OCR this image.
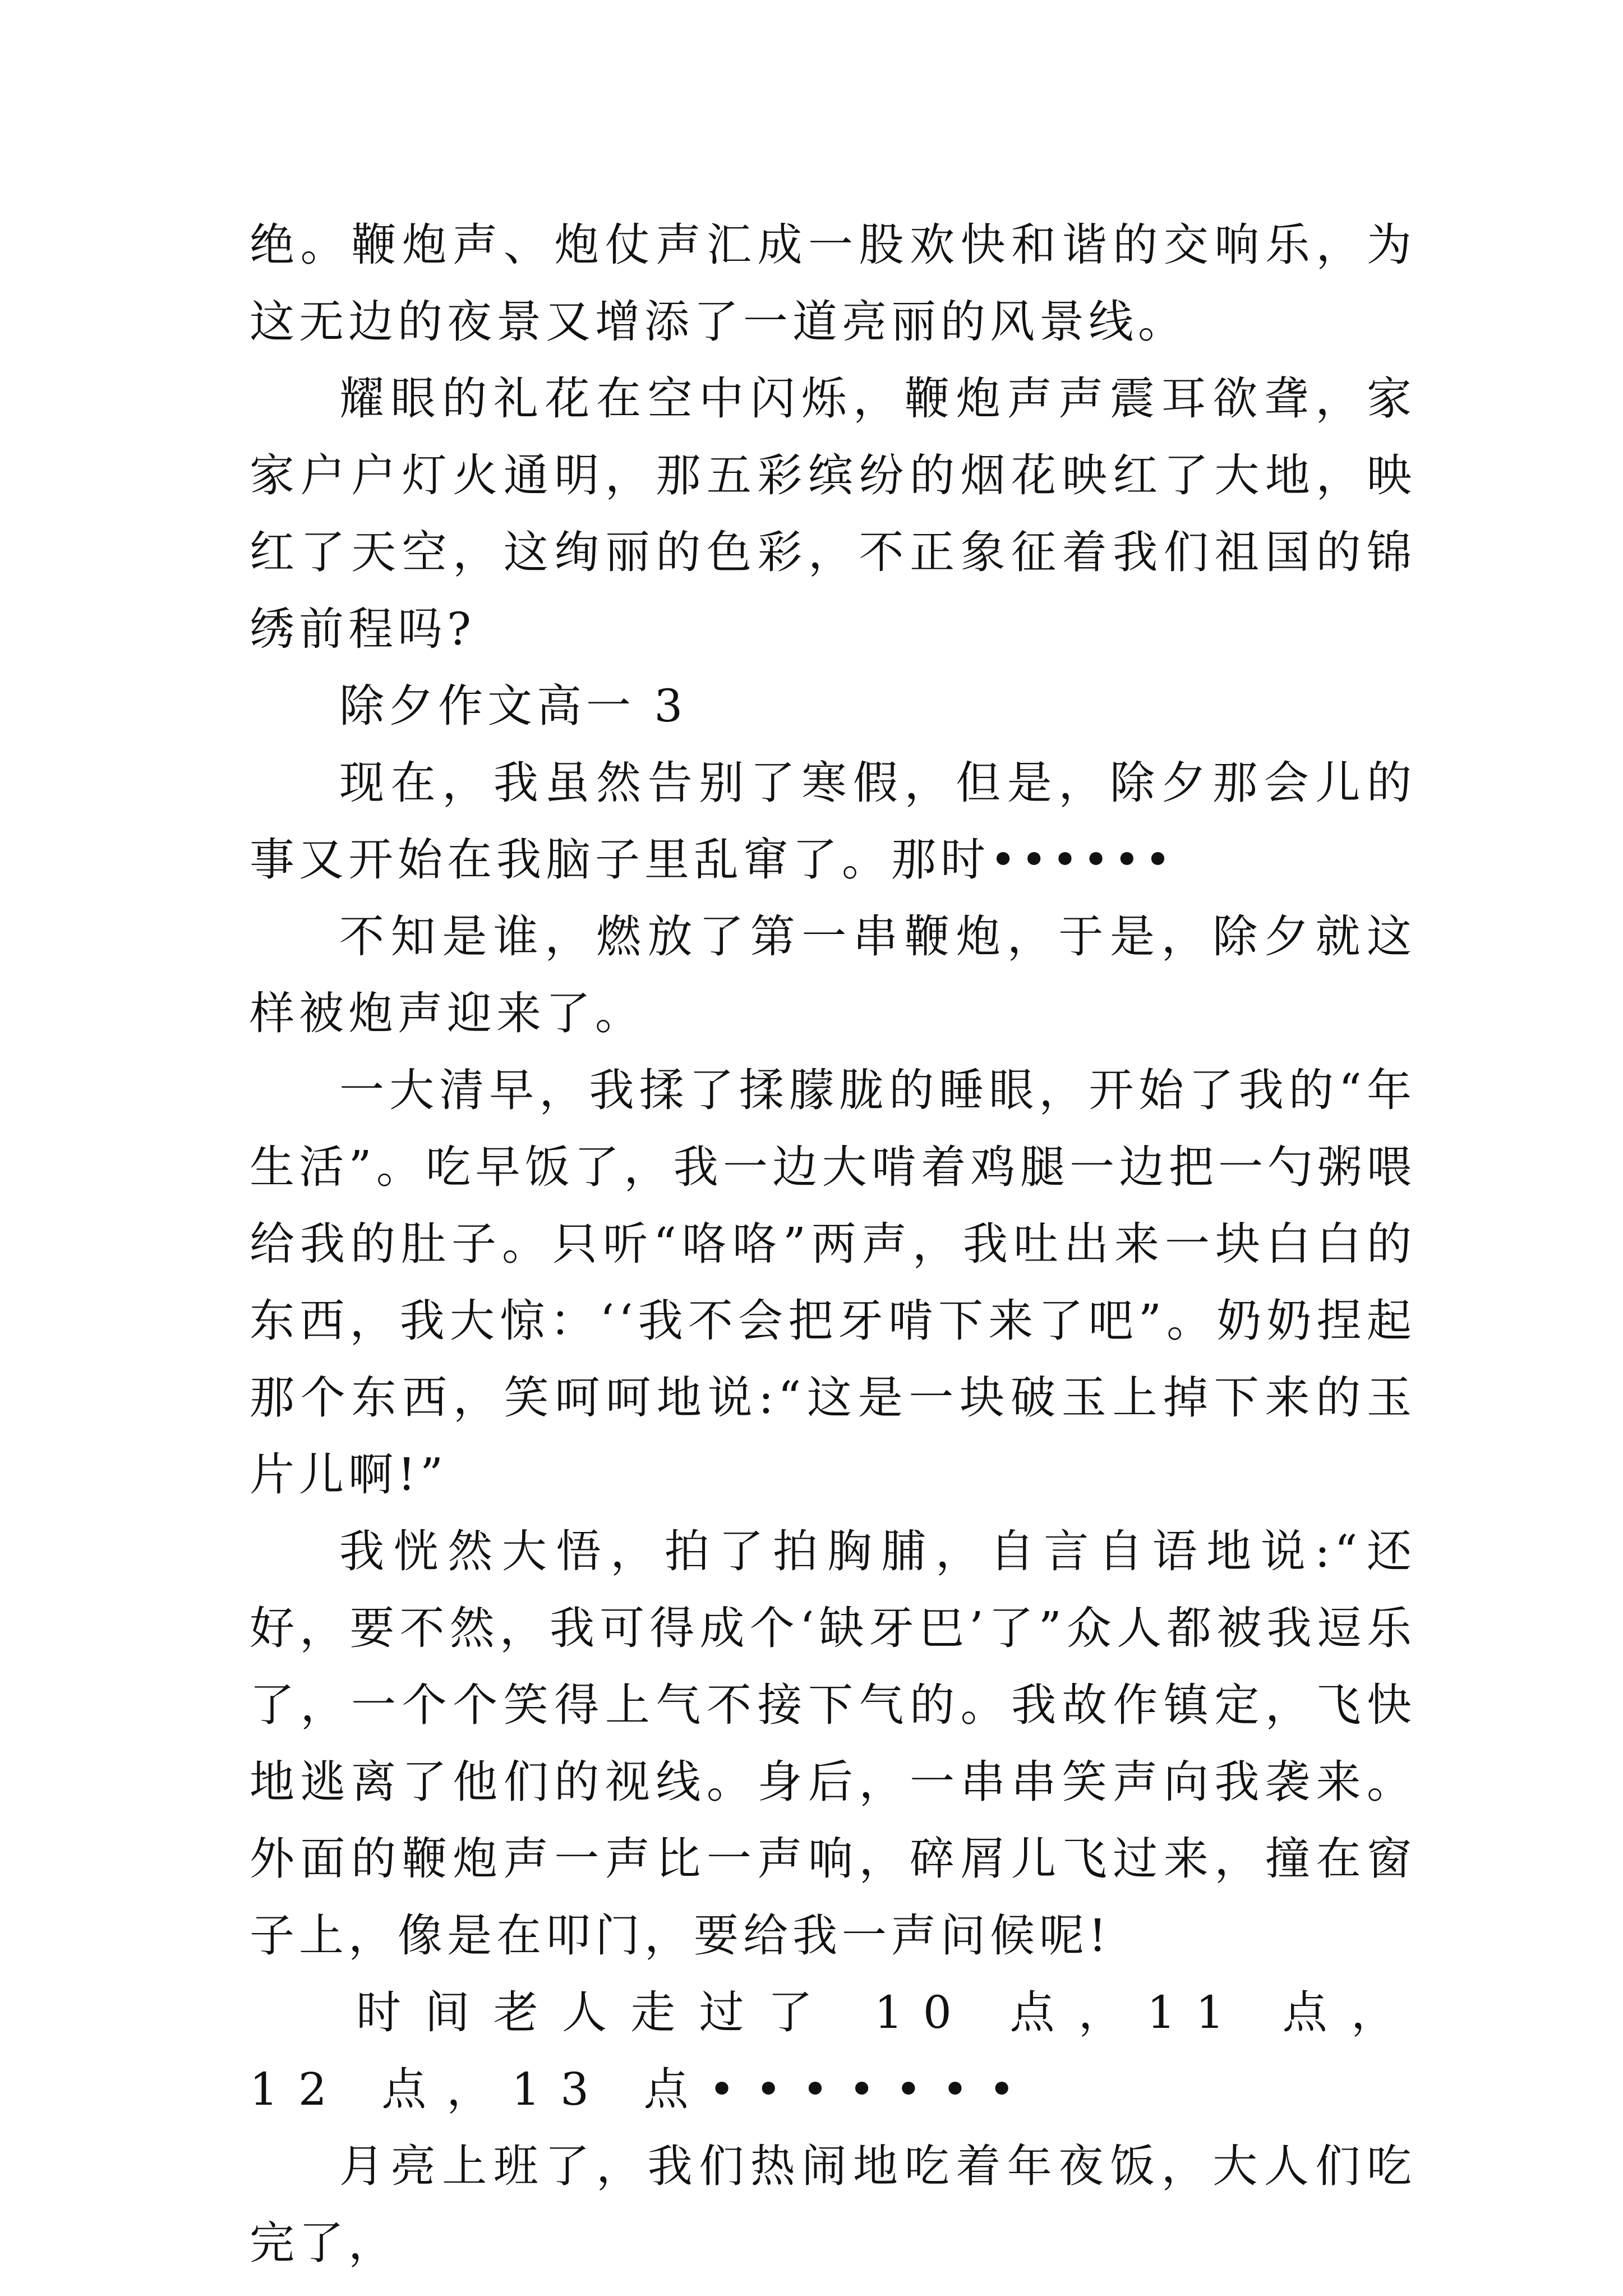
绝。鞭炮声、炮仗声汇成一股欢快和谐的交响乐，为这无边的夜景又增添了一道亮丽的风景线。

耀眼的礼花在空中闪烁，鞭炮声声震耳欲聋，家家户户灯火通明，那五彩缤纷的烟花映红了大地，映红了天空，这绚丽的色彩，不正象征着我们祖国的锦绣前程吗?

除夕作文高一 3

现在，我虽然告别了寒假，但是，除夕那会儿的事又开始在我脑子里乱窜了。那时••••••

不知是谁，燃放了第一串鞭炮，于是，除夕就这样被炮声迎来了。

一大清早，我揉了揉朦胧的睡眼，开始了我的“年生活”。吃早饭了，我一边大啃着鸡腿一边把一勺粥喂给我的肚子。只听“咯咯”两声，我吐出来一块白白的东西，我大惊：‘‘我不会把牙啃下来了吧”。奶奶捏起那个东西，笑呵呵地说:“这是一块破玉上掉下来的玉片儿啊!”

我恍然大悟，拍了拍胸脯，自言自语地说:“还好，要不然，我可得成个‘缺牙巴’了”众人都被我逗乐了，一个个笑得上气不接下气的。我故作镇定，飞快地逃离了他们的视线。身后，一串串笑声向我袭来。外面的鞭炮声一声比一声响，碎屑儿飞过来，撞在窗子上，像是在叩门，要给我一声问候呢!

时间老人走过了 10 点，11 点，12 点，13 点•••••••

月亮上班了，我们热闹地吃着年夜饭，大人们吃完了，
